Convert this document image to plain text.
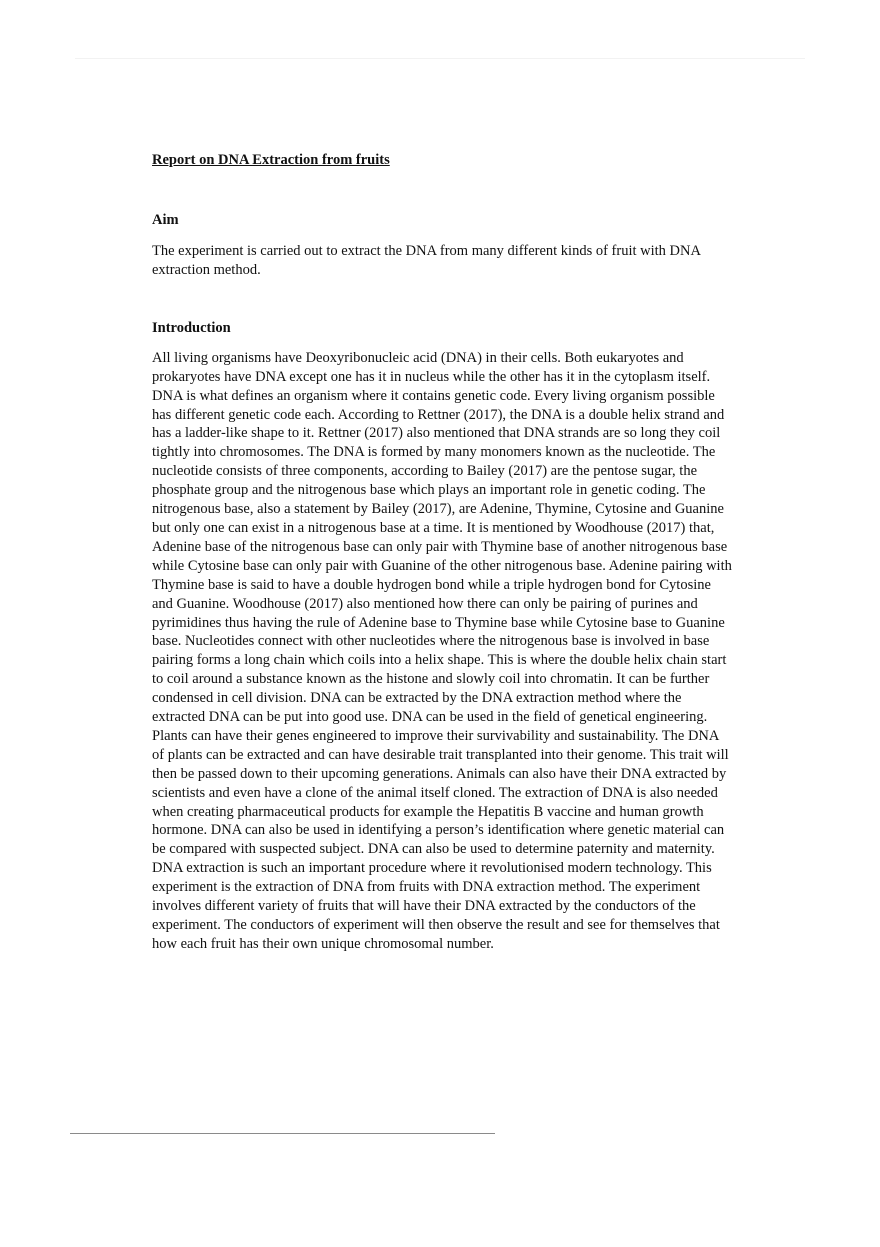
Report on DNA Extraction from fruits

Aim

The experiment is carried out to extract the DNA from many different kinds of fruit with DNA extraction method.

Introduction

All living organisms have Deoxyribonucleic acid (DNA) in their cells. Both eukaryotes and prokaryotes have DNA except one has it in nucleus while the other has it in the cytoplasm itself. DNA is what defines an organism where it contains genetic code. Every living organism possible has different genetic code each. According to Rettner (2017), the DNA is a double helix strand and has a ladder-like shape to it. Rettner (2017) also mentioned that DNA strands are so long they coil tightly into chromosomes. The DNA is formed by many monomers known as the nucleotide. The nucleotide consists of three components, according to Bailey (2017) are the pentose sugar, the phosphate group and the nitrogenous base which plays an important role in genetic coding. The nitrogenous base, also a statement by Bailey (2017), are Adenine, Thymine, Cytosine and Guanine but only one can exist in a nitrogenous base at a time. It is mentioned by Woodhouse (2017) that, Adenine base of the nitrogenous base can only pair with Thymine base of another nitrogenous base while Cytosine base can only pair with Guanine of the other nitrogenous base. Adenine pairing with Thymine base is said to have a double hydrogen bond while a triple hydrogen bond for Cytosine and Guanine. Woodhouse (2017) also mentioned how there can only be pairing of purines and pyrimidines thus having the rule of Adenine base to Thymine base while Cytosine base to Guanine base. Nucleotides connect with other nucleotides where the nitrogenous base is involved in base pairing forms a long chain which coils into a helix shape. This is where the double helix chain start to coil around a substance known as the histone and slowly coil into chromatin. It can be further condensed in cell division. DNA can be extracted by the DNA extraction method where the extracted DNA can be put into good use. DNA can be used in the field of genetical engineering. Plants can have their genes engineered to improve their survivability and sustainability. The DNA of plants can be extracted and can have desirable trait transplanted into their genome. This trait will then be passed down to their upcoming generations. Animals can also have their DNA extracted by scientists and even have a clone of the animal itself cloned. The extraction of DNA is also needed when creating pharmaceutical products for example the Hepatitis B vaccine and human growth hormone. DNA can also be used in identifying a person’s identification where genetic material can be compared with suspected subject. DNA can also be used to determine paternity and maternity. DNA extraction is such an important procedure where it revolutionised modern technology. This experiment is the extraction of DNA from fruits with DNA extraction method. The experiment involves different variety of fruits that will have their DNA extracted by the conductors of the experiment. The conductors of experiment will then observe the result and see for themselves that how each fruit has their own unique chromosomal number.
